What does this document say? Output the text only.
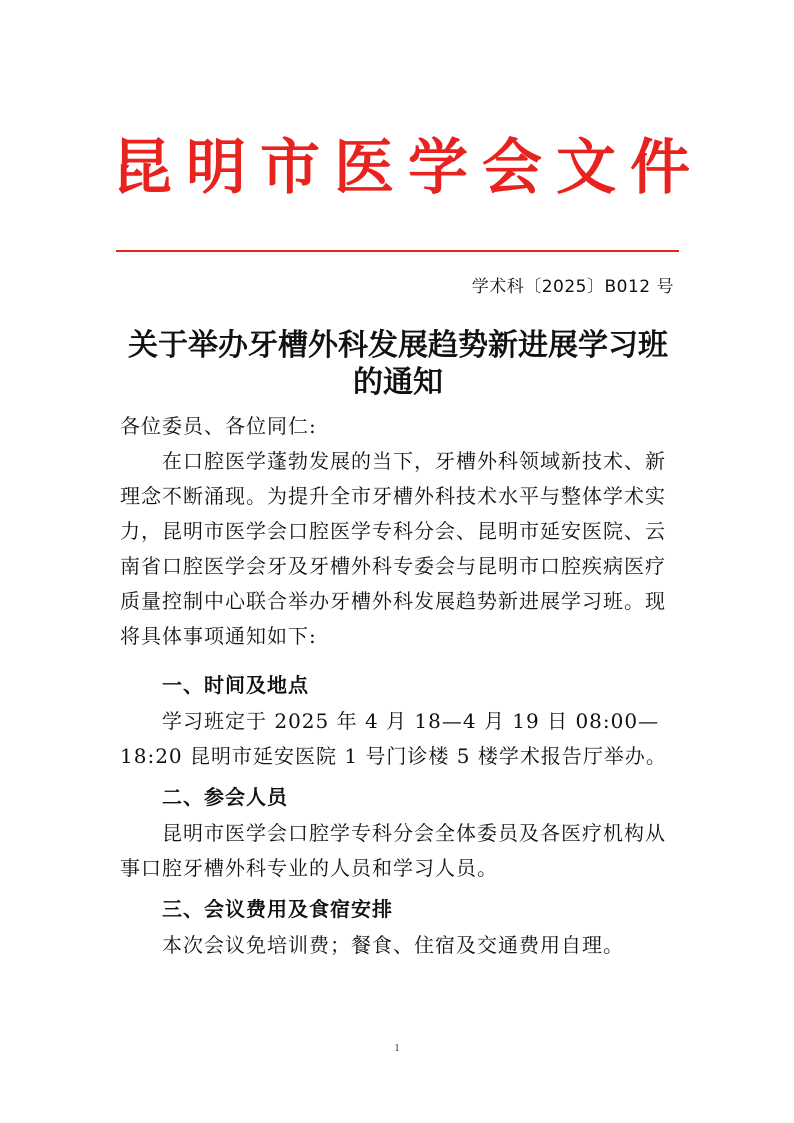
昆明市医学会文件
学术科〔2025〕B012 号
关于举办牙槽外科发展趋势新进展学习班的通知
各位委员、各位同仁:
在口腔医学蓬勃发展的当下，牙槽外科领域新技术、新理念不断涌现。为提升全市牙槽外科技术水平与整体学术实力，昆明市医学会口腔医学专科分会、昆明市延安医院、云南省口腔医学会牙及牙槽外科专委会与昆明市口腔疾病医疗质量控制中心联合举办牙槽外科发展趋势新进展学习班。现将具体事项通知如下:
一、时间及地点
学习班定于 2025 年 4 月 18—4 月 19 日 08:00—18:20 昆明市延安医院 1 号门诊楼 5 楼学术报告厅举办。
二、参会人员
昆明市医学会口腔学专科分会全体委员及各医疗机构从事口腔牙槽外科专业的人员和学习人员。
三、会议费用及食宿安排
本次会议免培训费；餐食、住宿及交通费用自理。
1
